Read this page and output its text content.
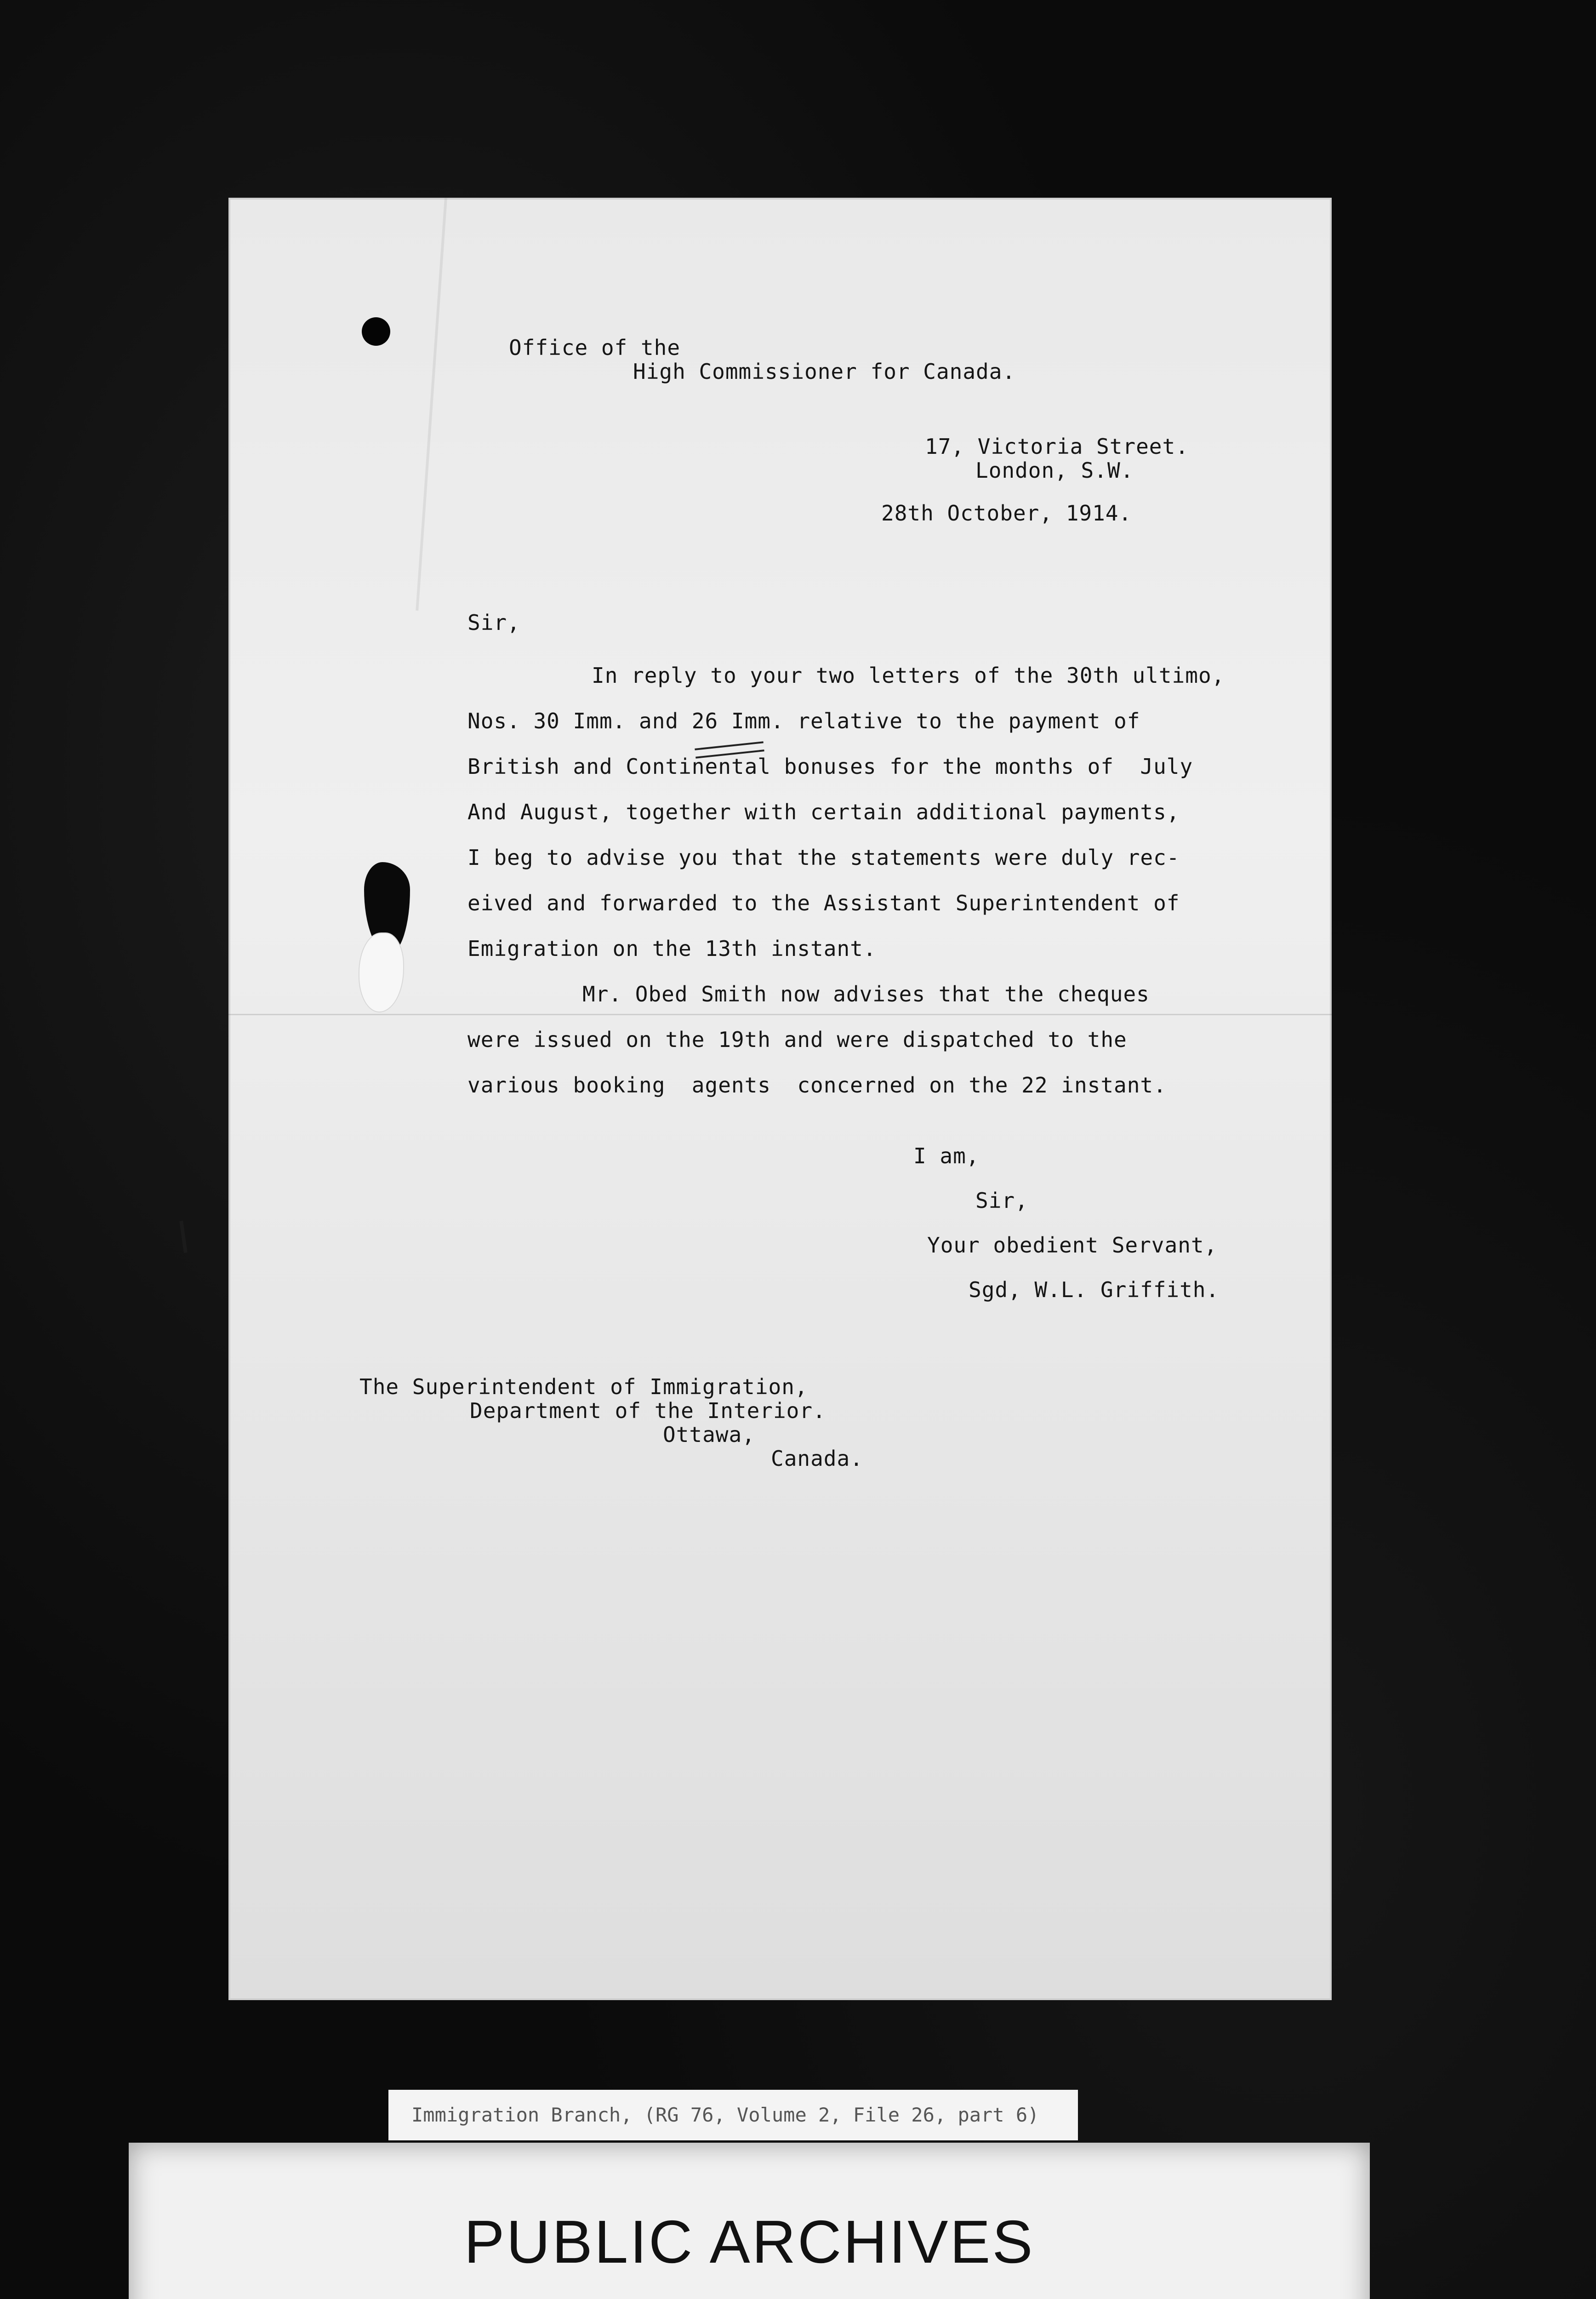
Office of the

High Commissioner for Canada.

17, Victoria Street.

London, S.W.

28th October, 1914.

Sir,

In reply to your two letters of the 30th ultimo,

Nos. 30 Imm. and 26 Imm. relative to the payment of

British and Continental bonuses for the months of  July

And August, together with certain additional payments,

I beg to advise you that the statements were duly rec-

eived and forwarded to the Assistant Superintendent of

Emigration on the 13th instant.

Mr. Obed Smith now advises that the cheques

were issued on the 19th and were dispatched to the

various booking  agents  concerned on the 22 instant.

I am,

Sir,

Your obedient Servant,

Sgd, W.L. Griffith.

The Superintendent of Immigration,

Department of the Interior.

Ottawa,

Canada.

Immigration Branch, (RG 76, Volume 2, File 26, part 6)

PUBLIC ARCHIVES
